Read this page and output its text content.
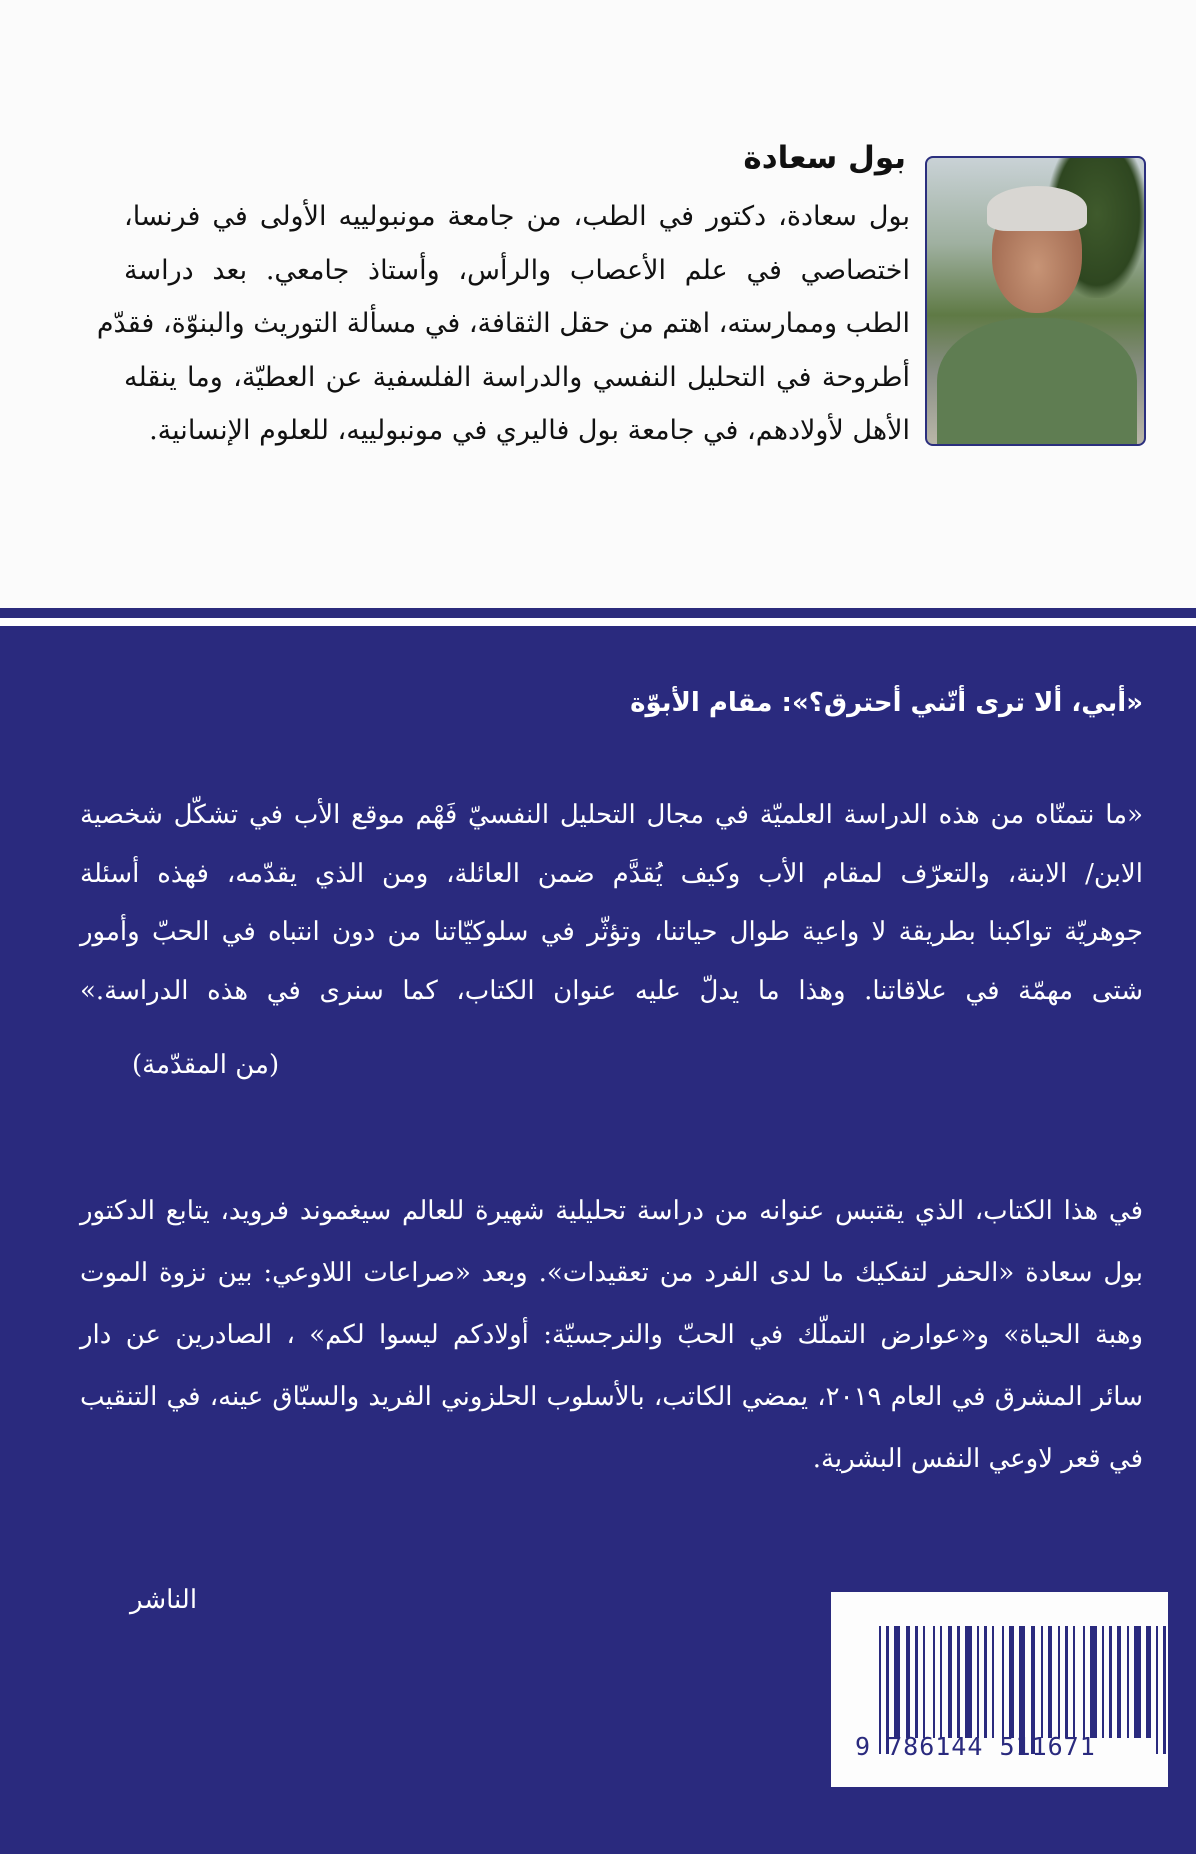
بول سعادة
بول سعادة، دكتور في الطب، من جامعة مونبولييه الأولى في فرنسا،
اختصاصي في علم الأعصاب والرأس، وأستاذ جامعي. بعد دراسة
الطب وممارسته، اهتم من حقل الثقافة، في مسألة التوريث والبنوّة، فقدّم
أطروحة في التحليل النفسي والدراسة الفلسفية عن العطيّة، وما ينقله
الأهل لأولادهم، في جامعة بول فاليري في مونبولييه، للعلوم الإنسانية.
«أبي، ألا ترى أنّني أحترق؟»: مقام الأبوّة
«ما نتمنّاه من هذه الدراسة العلميّة في مجال التحليل النفسيّ فَهْم موقع الأب في تشكّل شخصية
الابن/ الابنة، والتعرّف لمقام الأب وكيف يُقدَّم ضمن العائلة، ومن الذي يقدّمه، فهذه أسئلة
جوهريّة تواكبنا بطريقة لا واعية طوال حياتنا، وتؤثّر في سلوكيّاتنا من دون انتباه في الحبّ وأمور
شتى مهمّة في علاقاتنا. وهذا ما يدلّ عليه عنوان الكتاب، كما سنرى في هذه الدراسة.»
(من المقدّمة)
في هذا الكتاب، الذي يقتبس عنوانه من دراسة تحليلية شهيرة للعالم سيغموند فرويد، يتابع الدكتور
بول سعادة «الحفر لتفكيك ما لدى الفرد من تعقيدات». وبعد «صراعات اللاوعي: بين نزوة الموت
وهبة الحياة» و«عوارض التملّك في الحبّ والنرجسيّة: أولادكم ليسوا لكم» ، الصادرين عن دار
سائر المشرق في العام ٢٠١٩، يمضي الكاتب، بالأسلوب الحلزوني الفريد والسبّاق عينه، في التنقيب
في قعر لاوعي النفس البشرية.
الناشر
9 786144 511671
